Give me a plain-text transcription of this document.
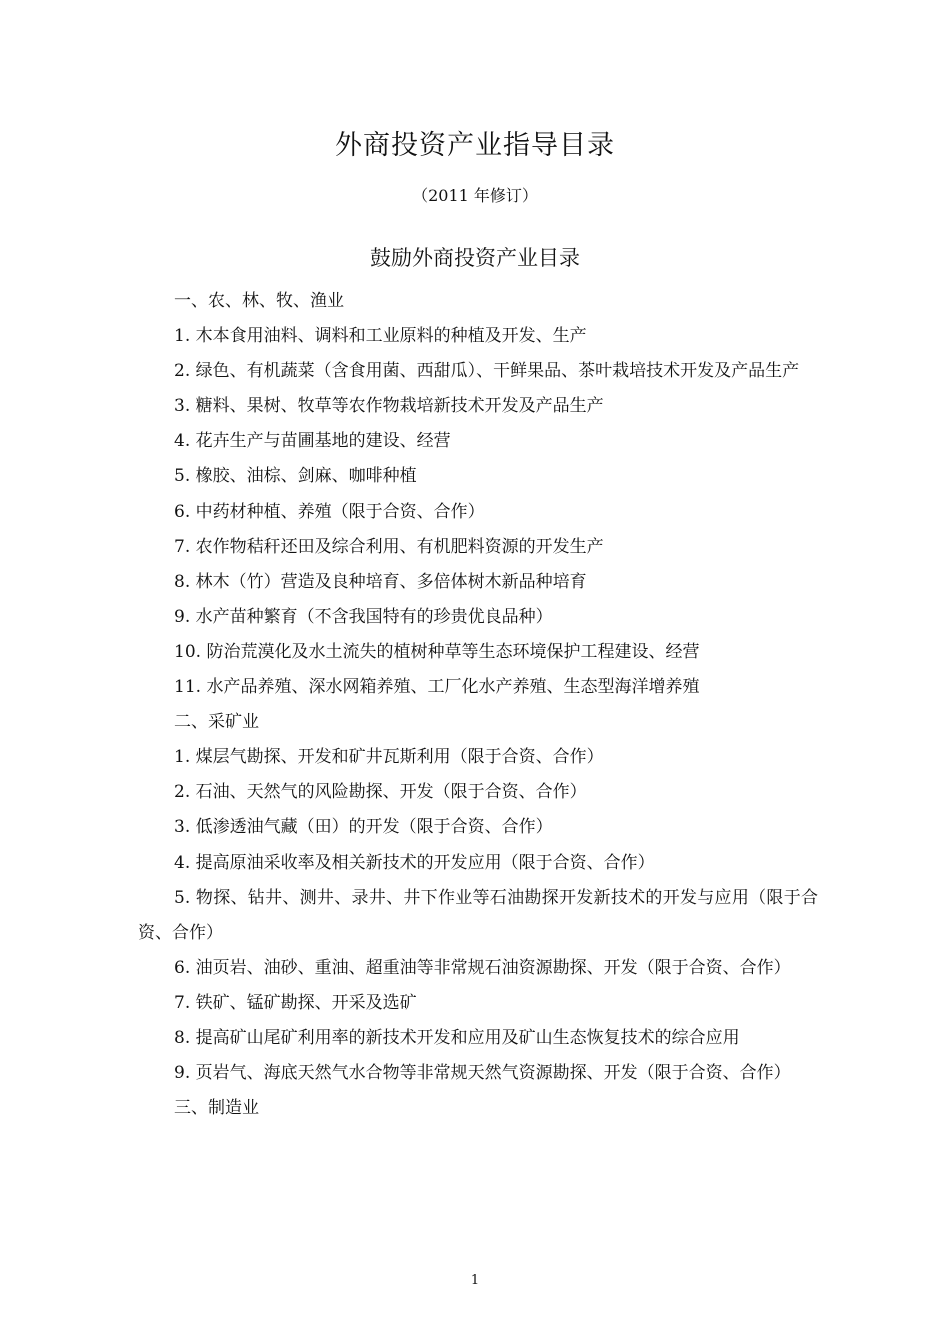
外商投资产业指导目录
（2011 年修订）
鼓励外商投资产业目录

一、农、林、牧、渔业

1. 木本食用油料、调料和工业原料的种植及开发、生产

2. 绿色、有机蔬菜（含食用菌、西甜瓜）、干鲜果品、茶叶栽培技术开发及产品生产

3. 糖料、果树、牧草等农作物栽培新技术开发及产品生产

4. 花卉生产与苗圃基地的建设、经营

5. 橡胶、油棕、剑麻、咖啡种植

6. 中药材种植、养殖（限于合资、合作）

7. 农作物秸秆还田及综合利用、有机肥料资源的开发生产

8. 林木（竹）营造及良种培育、多倍体树木新品种培育

9. 水产苗种繁育（不含我国特有的珍贵优良品种）

10. 防治荒漠化及水土流失的植树种草等生态环境保护工程建设、经营

11. 水产品养殖、深水网箱养殖、工厂化水产养殖、生态型海洋增养殖

二、采矿业

1. 煤层气勘探、开发和矿井瓦斯利用（限于合资、合作）

2. 石油、天然气的风险勘探、开发（限于合资、合作）

3. 低渗透油气藏（田）的开发（限于合资、合作）

4. 提高原油采收率及相关新技术的开发应用（限于合资、合作）

5. 物探、钻井、测井、录井、井下作业等石油勘探开发新技术的开发与应用（限于合资、合作）

6. 油页岩、油砂、重油、超重油等非常规石油资源勘探、开发（限于合资、合作）

7. 铁矿、锰矿勘探、开采及选矿

8. 提高矿山尾矿利用率的新技术开发和应用及矿山生态恢复技术的综合应用

9. 页岩气、海底天然气水合物等非常规天然气资源勘探、开发（限于合资、合作）

三、制造业

1
